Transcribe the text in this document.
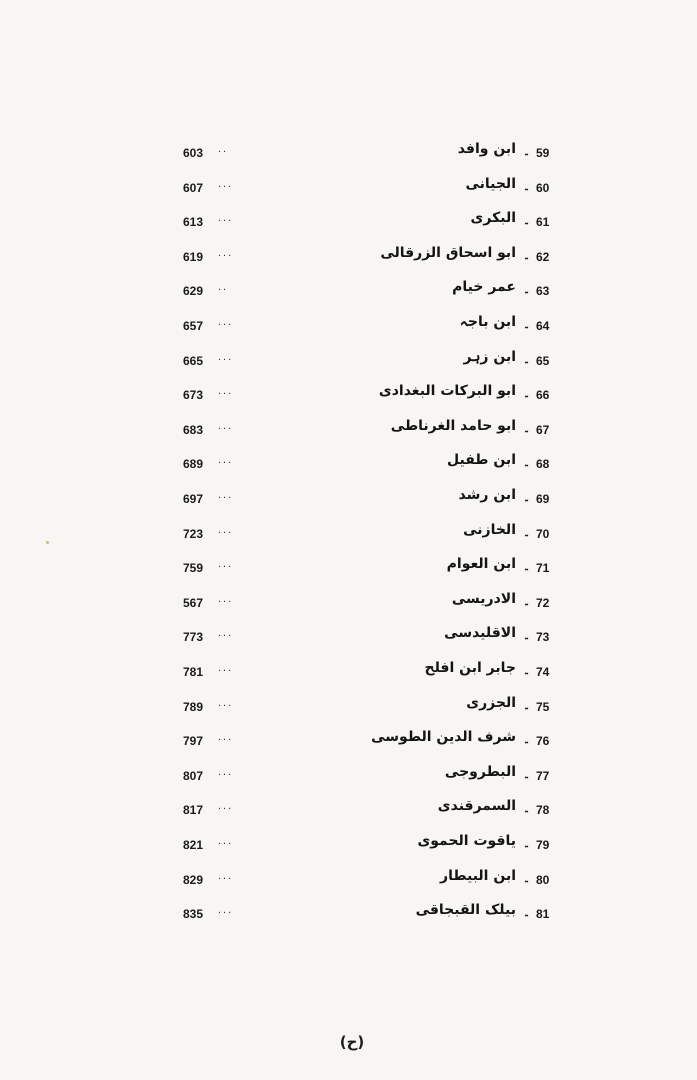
603 ..	ابن وافد ۔ 59
607 ...	الجیانی ۔ 60
613 ...	البکری ۔ 61
619 ...	ابو اسحاق الزرقالی ۔ 62
629 ..	عمر خیام ۔ 63
657 ...	ابن باجہ ۔ 64
665 ...	ابن زہر ۔ 65
673 ...	ابو البرکات البغدادی ۔ 66
683 ...	ابو حامد الغرناطی ۔ 67
689 ...	ابن طفیل ۔ 68
697 ...	ابن رشد ۔ 69
723 ...	الخازنی ۔ 70
759 ...	ابن العوام ۔ 71
567 ...	الادریسی ۔ 72
773 ...	الاقلیدسی ۔ 73
781 ...	جابر ابن افلح ۔ 74
789 ...	الجزری ۔ 75
797 ...	شرف الدین الطوسی ۔ 76
807 ...	البطروجی ۔ 77
817 ...	السمرقندی ۔ 78
821 ...	یاقوت الحموی ۔ 79
829 ...	ابن البیطار ۔ 80
835 ...	بیلک القبجاقی ۔ 81
(ح)
